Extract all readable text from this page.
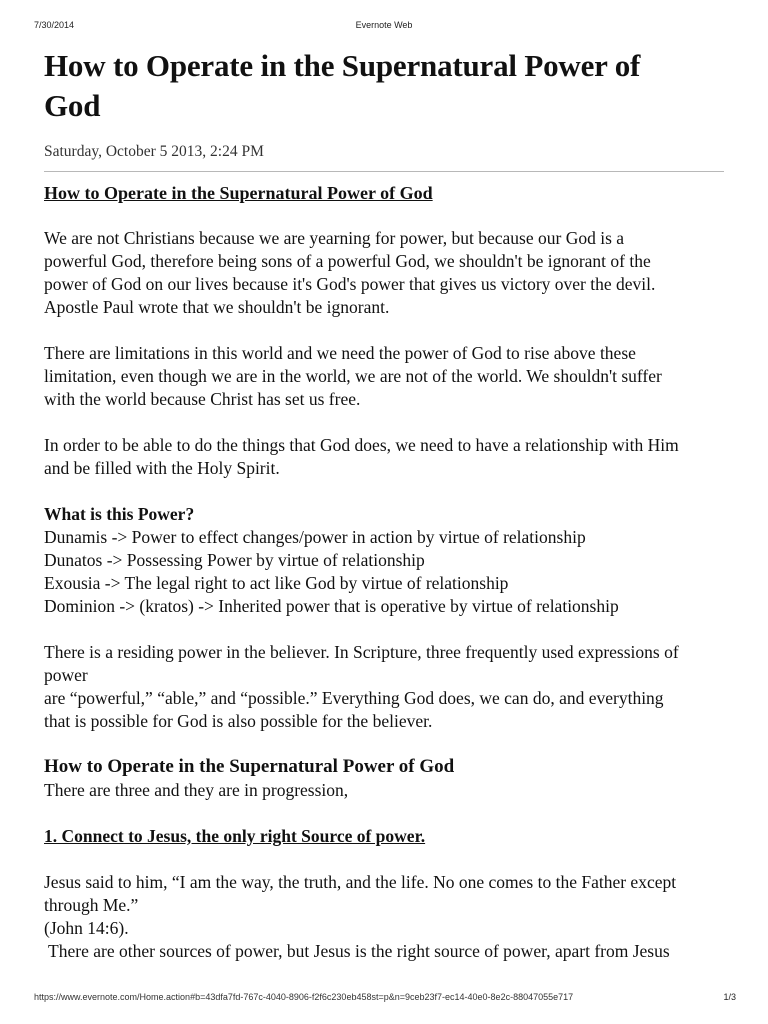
7/30/2014	Evernote Web
How to Operate in the Supernatural Power of
God
Saturday, October 5 2013, 2:24 PM
How to Operate in the Supernatural Power of God
We are not Christians because we are yearning for power, but because our God is a
powerful God, therefore being sons of a powerful God, we shouldn't be ignorant of the
power of God on our lives because it's God's power that gives us victory over the devil.
Apostle Paul wrote that we shouldn't be ignorant.
There are limitations in this world and we need the power of God to rise above these
limitation, even though we are in the world, we are not of the world. We shouldn't suffer
with the world because Christ has set us free.
In order to be able to do the things that God does, we need to have a relationship with Him
and be filled with the Holy Spirit.
What is this Power?
Dunamis -> Power to effect changes/power in action by virtue of relationship
Dunatos -> Possessing Power by virtue of relationship
Exousia -> The legal right to act like God by virtue of relationship
Dominion -> (kratos) -> Inherited power that is operative by virtue of relationship
There is a residing power in the believer. In Scripture, three frequently used expressions of
power
are “powerful,” “able,” and “possible.” Everything God does, we can do, and everything
that is possible for God is also possible for the believer.
How to Operate in the Supernatural Power of God
There are three and they are in progression,
1. Connect to Jesus, the only right Source of power.
Jesus said to him, “I am the way, the truth, and the life. No one comes to the Father except
through Me.”
(John 14:6).
There are other sources of power, but Jesus is the right source of power, apart from Jesus
https://www.evernote.com/Home.action#b=43dfa7fd-767c-4040-8906-f2f6c230eb458st=p&n=9ceb23f7-ec14-40e0-8e2c-88047055e717	1/3
